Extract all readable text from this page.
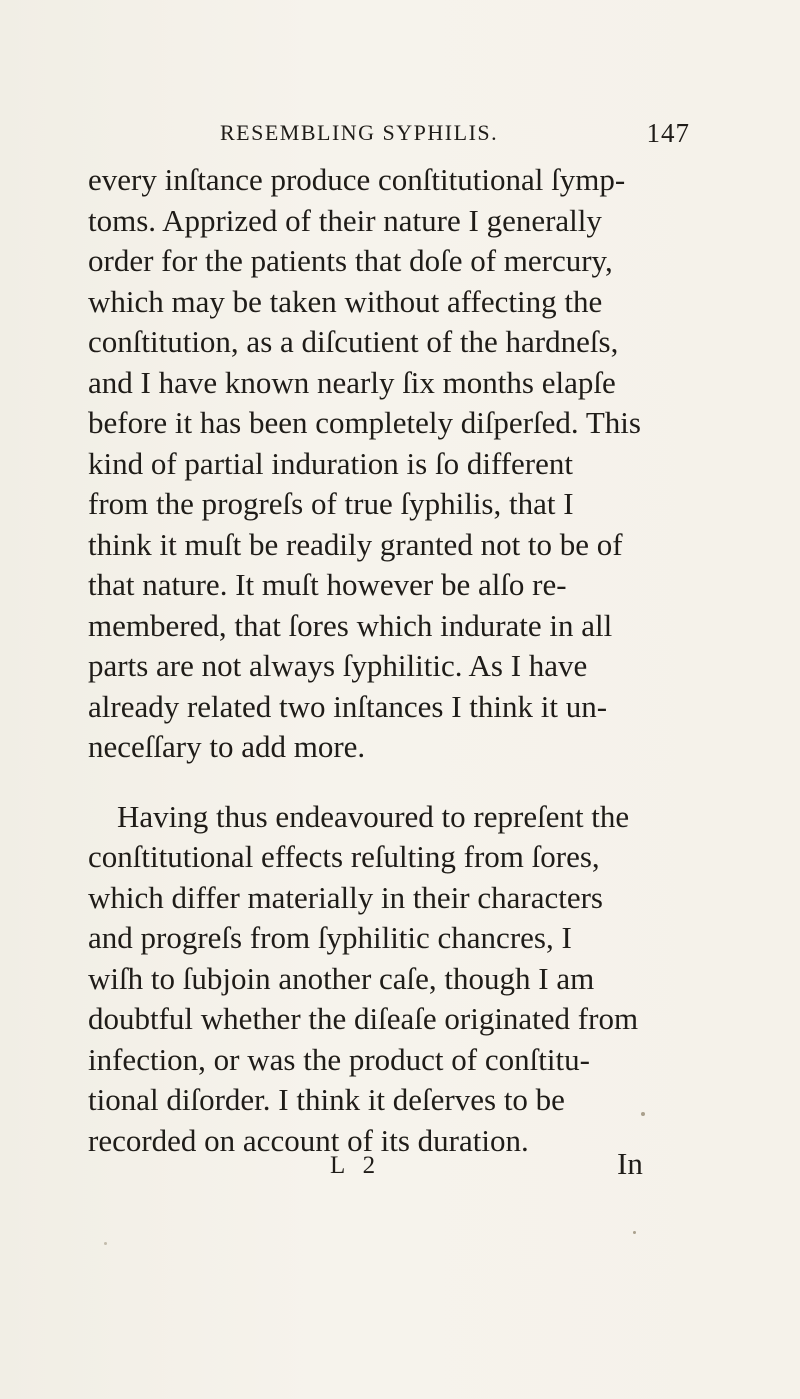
RESEMBLING SYPHILIS.	147

every inſtance produce conſtitutional ſymp-
toms. Apprized of their nature I generally
order for the patients that doſe of mercury,
which may be taken without affecting the
conſtitution, as a diſcutient of the hardneſs,
and I have known nearly ſix months elapſe
before it has been completely diſperſed. This
kind of partial induration is ſo different
from the progreſs of true ſyphilis, that I
think it muſt be readily granted not to be of
that nature. It muſt however be alſo re-
membered, that ſores which indurate in all
parts are not always ſyphilitic. As I have
already related two inſtances I think it un-
neceſſary to add more.

Having thus endeavoured to repreſent the
conſtitutional effects reſulting from ſores,
which differ materially in their characters
and progreſs from ſyphilitic chancres, I
wiſh to ſubjoin another caſe, though I am
doubtful whether the diſeaſe originated from
infection, or was the product of conſtitu-
tional diſorder. I think it deſerves to be
recorded on account of its duration.

L 2	In
